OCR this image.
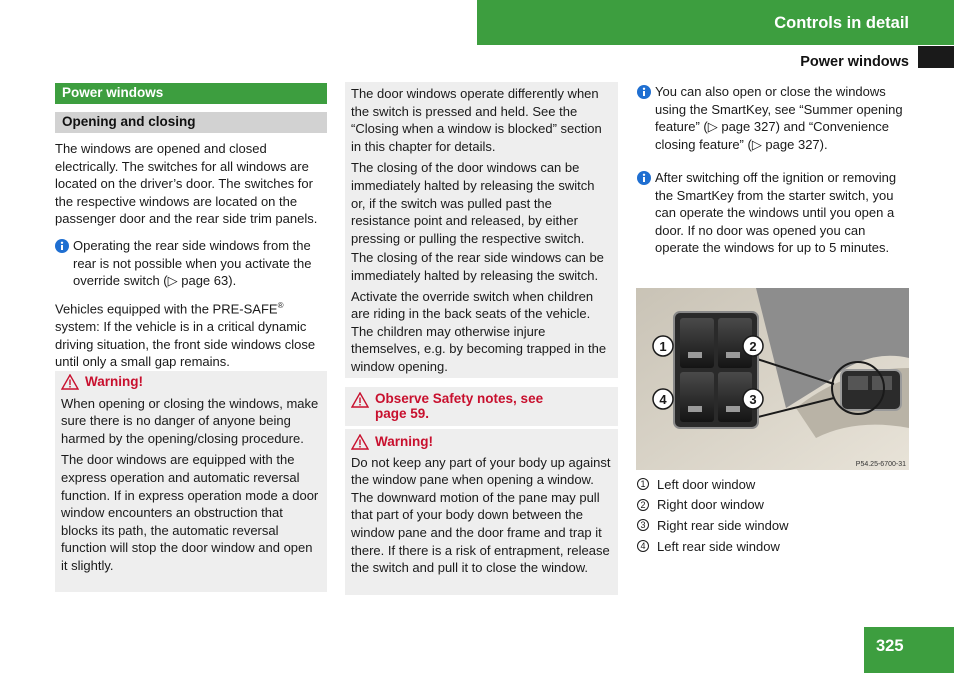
Controls in detail
Power windows
Power windows
Opening and closing

The windows are opened and closed electrically. The switches for all windows are located on the driver’s door. The switches for the respective windows are located on the passenger door and the rear side trim panels.

Operating the rear side windows from the rear is not possible when you activate the override switch (▷ page 63).

Vehicles equipped with the PRE-SAFE® system: If the vehicle is in a critical dynamic driving situation, the front side windows close until only a small gap remains.

Warning!

When opening or closing the windows, make sure there is no danger of anyone being harmed by the opening/closing procedure.

The door windows are equipped with the express operation and automatic reversal function. If in express operation mode a door window encounters an obstruction that blocks its path, the automatic reversal function will stop the door window and open it slightly.

The door windows operate differently when the switch is pressed and held. See the “Closing when a window is blocked” section in this chapter for details.

The closing of the door windows can be immediately halted by releasing the switch or, if the switch was pulled past the resistance point and released, by either pressing or pulling the respective switch.

The closing of the rear side windows can be immediately halted by releasing the switch.

Activate the override switch when children are riding in the back seats of the vehicle. The children may otherwise injure themselves, e.g. by becoming trapped in the window opening.

Observe Safety notes, see page 59.
Warning!

Do not keep any part of your body up against the window pane when opening a window. The downward motion of the pane may pull that part of your body down between the window pane and the door frame and trap it there. If there is a risk of entrapment, release the switch and pull it to close the window.

You can also open or close the windows using the SmartKey, see “Summer opening feature” (▷ page 327) and “Convenience closing feature” (▷ page 327).

After switching off the ignition or removing the SmartKey from the starter switch, you can operate the windows until you open a door. If no door was opened you can operate the windows for up to 5 minutes.

1	2
4	3
P54.25-6700-31
1 Left door window
2 Right door window
3 Right rear side window
4 Left rear side window
325
